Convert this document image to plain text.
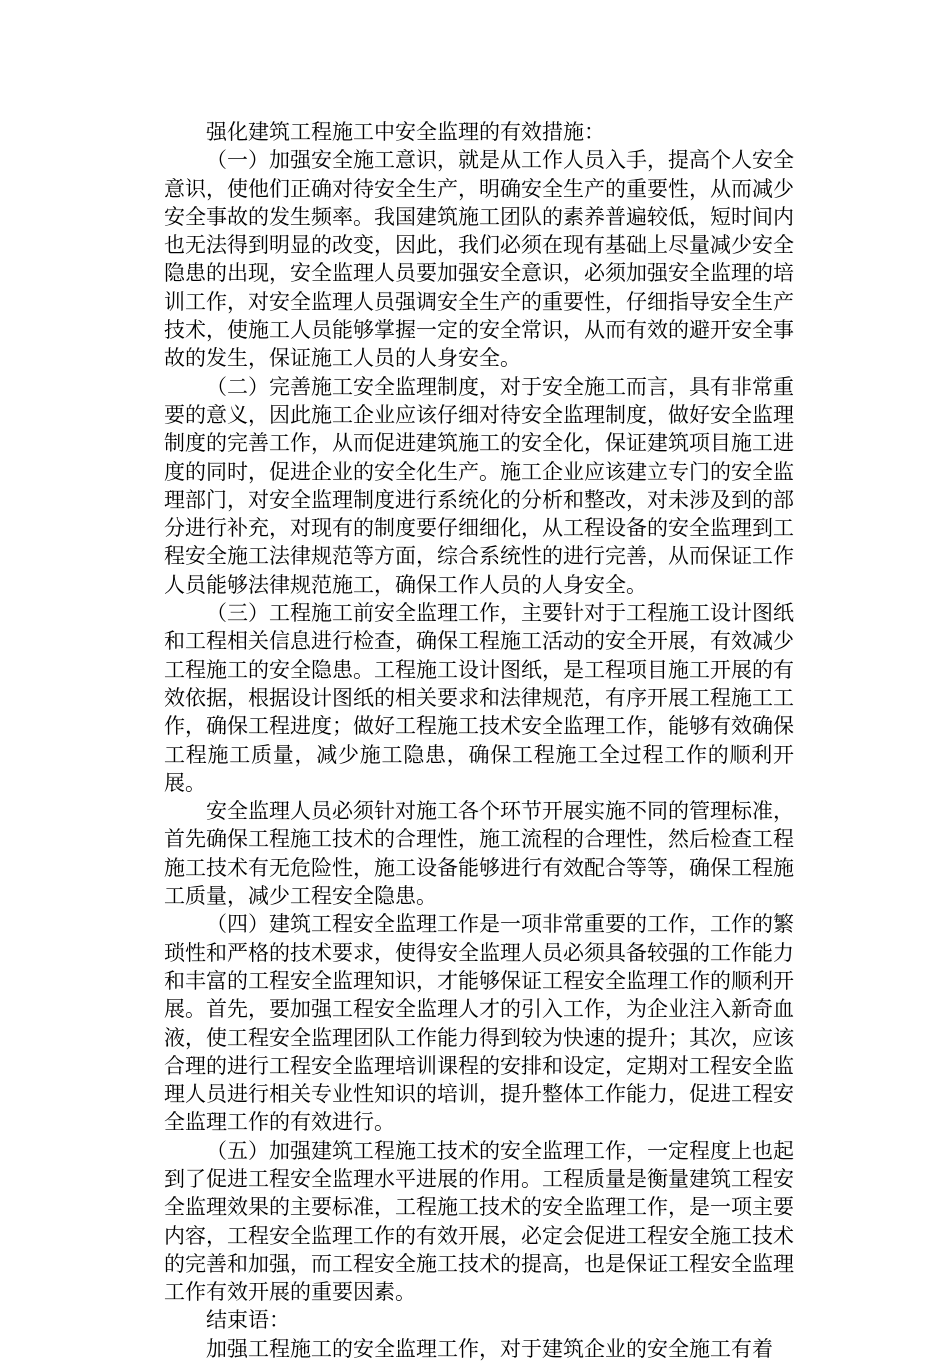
强化建筑工程施工中安全监理的有效措施：

（一）加强安全施工意识，就是从工作人员入手，提高个人安全意识，使他们正确对待安全生产，明确安全生产的重要性，从而减少安全事故的发生频率。我国建筑施工团队的素养普遍较低，短时间内也无法得到明显的改变，因此，我们必须在现有基础上尽量减少安全隐患的出现，安全监理人员要加强安全意识，必须加强安全监理的培训工作，对安全监理人员强调安全生产的重要性，仔细指导安全生产技术，使施工人员能够掌握一定的安全常识，从而有效的避开安全事故的发生，保证施工人员的人身安全。

（二）完善施工安全监理制度，对于安全施工而言，具有非常重要的意义，因此施工企业应该仔细对待安全监理制度，做好安全监理制度的完善工作，从而促进建筑施工的安全化，保证建筑项目施工进度的同时，促进企业的安全化生产。施工企业应该建立专门的安全监理部门，对安全监理制度进行系统化的分析和整改，对未涉及到的部分进行补充，对现有的制度要仔细细化，从工程设备的安全监理到工程安全施工法律规范等方面，综合系统性的进行完善，从而保证工作人员能够法律规范施工，确保工作人员的人身安全。

（三）工程施工前安全监理工作，主要针对于工程施工设计图纸和工程相关信息进行检查，确保工程施工活动的安全开展，有效减少工程施工的安全隐患。工程施工设计图纸，是工程项目施工开展的有效依据，根据设计图纸的相关要求和法律规范，有序开展工程施工工作，确保工程进度；做好工程施工技术安全监理工作，能够有效确保工程施工质量，减少施工隐患，确保工程施工全过程工作的顺利开展。

安全监理人员必须针对施工各个环节开展实施不同的管理标准，首先确保工程施工技术的合理性，施工流程的合理性，然后检查工程施工技术有无危险性，施工设备能够进行有效配合等等，确保工程施工质量，减少工程安全隐患。

（四）建筑工程安全监理工作是一项非常重要的工作，工作的繁琐性和严格的技术要求，使得安全监理人员必须具备较强的工作能力和丰富的工程安全监理知识，才能够保证工程安全监理工作的顺利开展。首先，要加强工程安全监理人才的引入工作，为企业注入新奇血液，使工程安全监理团队工作能力得到较为快速的提升；其次，应该合理的进行工程安全监理培训课程的安排和设定，定期对工程安全监理人员进行相关专业性知识的培训，提升整体工作能力，促进工程安全监理工作的有效进行。

（五）加强建筑工程施工技术的安全监理工作，一定程度上也起到了促进工程安全监理水平进展的作用。工程质量是衡量建筑工程安全监理效果的主要标准，工程施工技术的安全监理工作，是一项主要内容，工程安全监理工作的有效开展，必定会促进工程安全施工技术的完善和加强，而工程安全施工技术的提高，也是保证工程安全监理工作有效开展的重要因素。

结束语：

加强工程施工的安全监理工作，对于建筑企业的安全施工有着
